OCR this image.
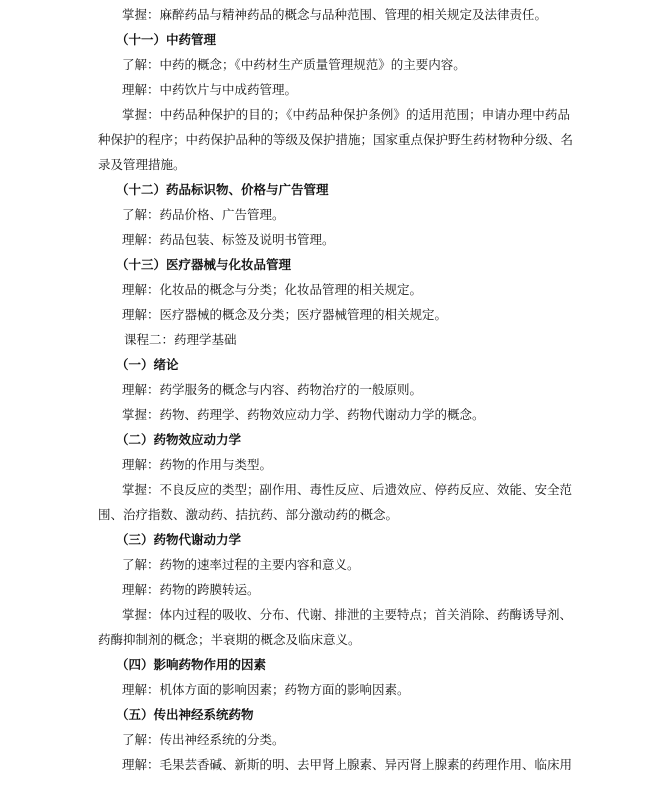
掌握：麻醉药品与精神药品的概念与品种范围、管理的相关规定及法律责任。
（十一）中药管理
了解：中药的概念；《中药材生产质量管理规范》的主要内容。
理解：中药饮片与中成药管理。
掌握：中药品种保护的目的；《中药品种保护条例》的适用范围；申请办理中药品
种保护的程序；中药保护品种的等级及保护措施；国家重点保护野生药材物种分级、名
录及管理措施。
（十二）药品标识物、价格与广告管理
了解：药品价格、广告管理。
理解：药品包装、标签及说明书管理。
（十三）医疗器械与化妆品管理
理解：化妆品的概念与分类；化妆品管理的相关规定。
理解：医疗器械的概念及分类；医疗器械管理的相关规定。
课程二：药理学基础
（一）绪论
理解：药学服务的概念与内容、药物治疗的一般原则。
掌握：药物、药理学、药物效应动力学、药物代谢动力学的概念。
（二）药物效应动力学
理解：药物的作用与类型。
掌握：不良反应的类型；副作用、毒性反应、后遗效应、停药反应、效能、安全范
围、治疗指数、激动药、拮抗药、部分激动药的概念。
（三）药物代谢动力学
了解：药物的速率过程的主要内容和意义。
理解：药物的跨膜转运。
掌握：体内过程的吸收、分布、代谢、排泄的主要特点；首关消除、药酶诱导剂、
药酶抑制剂的概念；半衰期的概念及临床意义。
（四）影响药物作用的因素
理解：机体方面的影响因素；药物方面的影响因素。
（五）传出神经系统药物
了解：传出神经系统的分类。
理解：毛果芸香碱、新斯的明、去甲肾上腺素、异丙肾上腺素的药理作用、临床用
